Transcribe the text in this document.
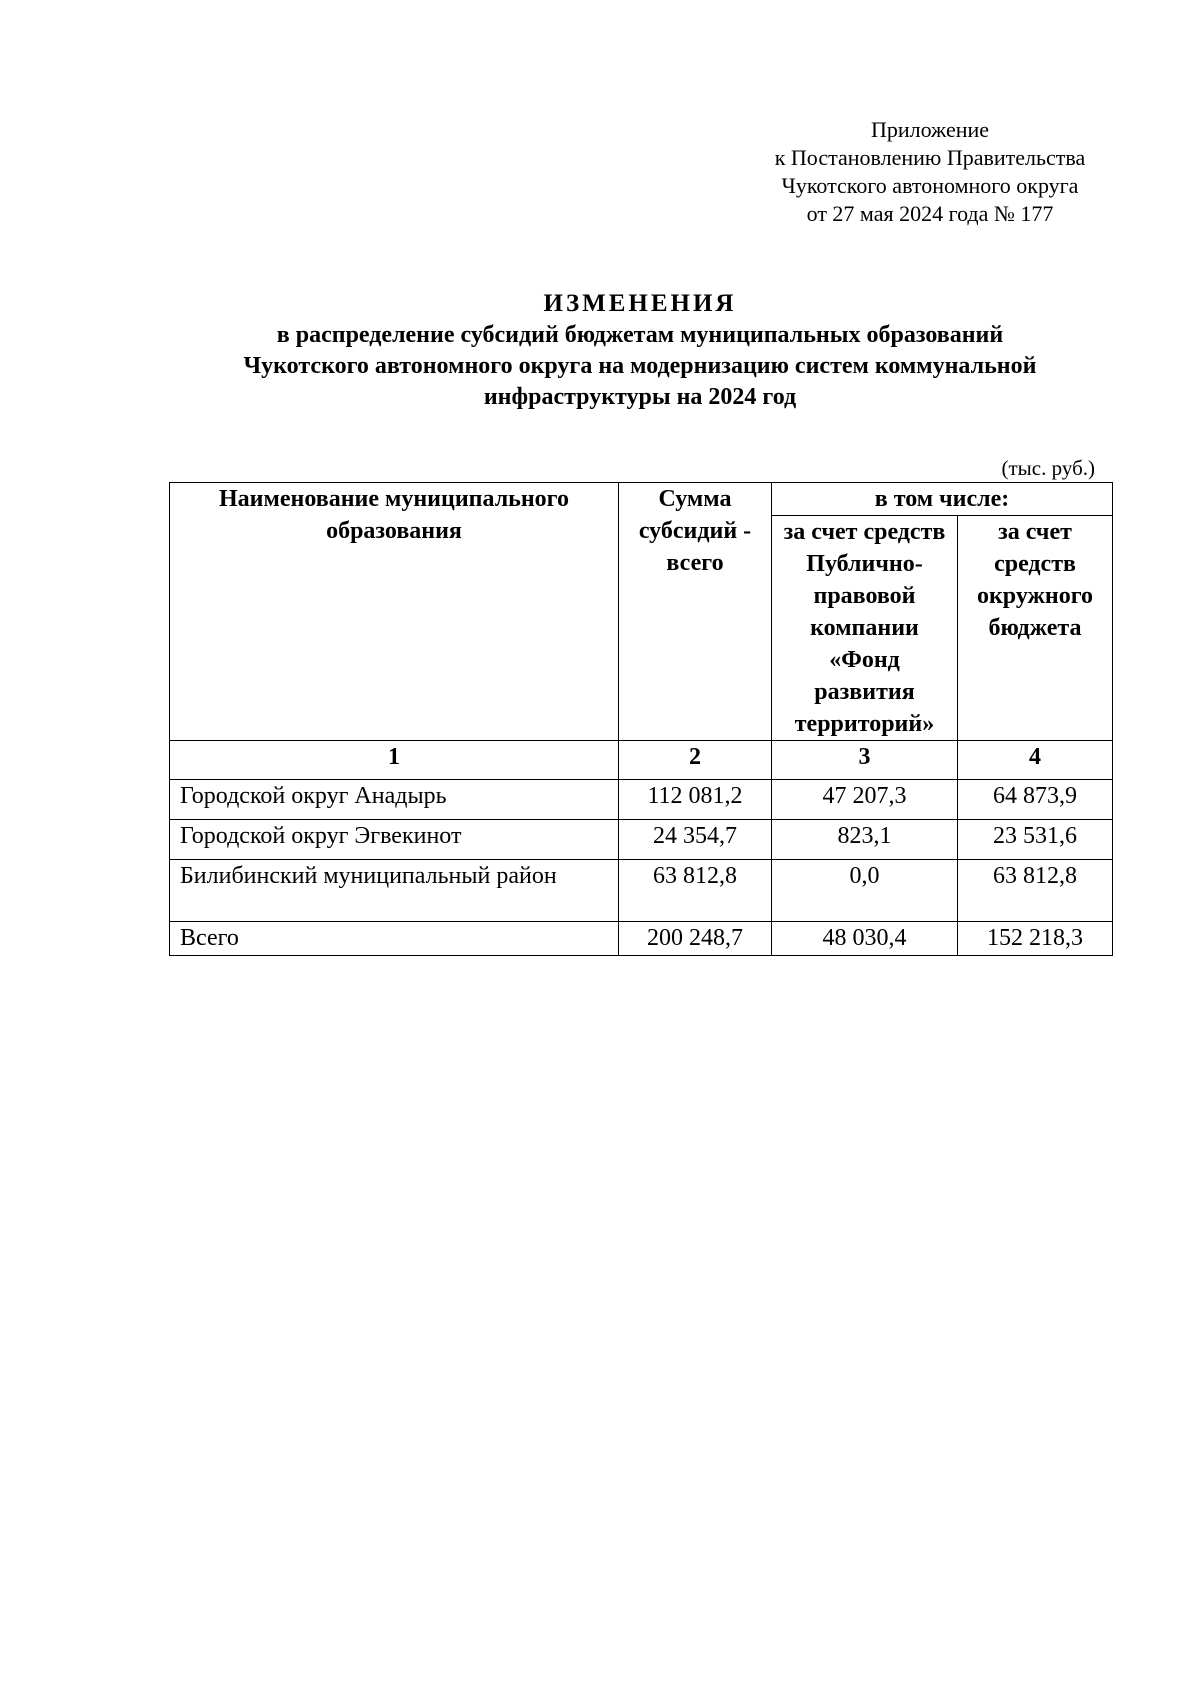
Приложение
к Постановлению Правительства
Чукотского автономного округа
от 27 мая 2024 года № 177
ИЗМЕНЕНИЯ
в распределение субсидий бюджетам муниципальных образований
Чукотского автономного округа на модернизацию систем коммунальной
инфраструктуры на 2024 год
(тыс. руб.)
Наименование муниципального образования	Сумма субсидий - всего	в том числе:	
		за счет средств Публично-правовой компании «Фонд развития территорий»	за счет средств окружного бюджета
1	2	3	4
Городской округ Анадырь	112 081,2	47 207,3	64 873,9
Городской округ Эгвекинот	24 354,7	823,1	23 531,6
Билибинский муниципальный район	63 812,8	0,0	63 812,8
Всего	200 248,7	48 030,4	152 218,3
